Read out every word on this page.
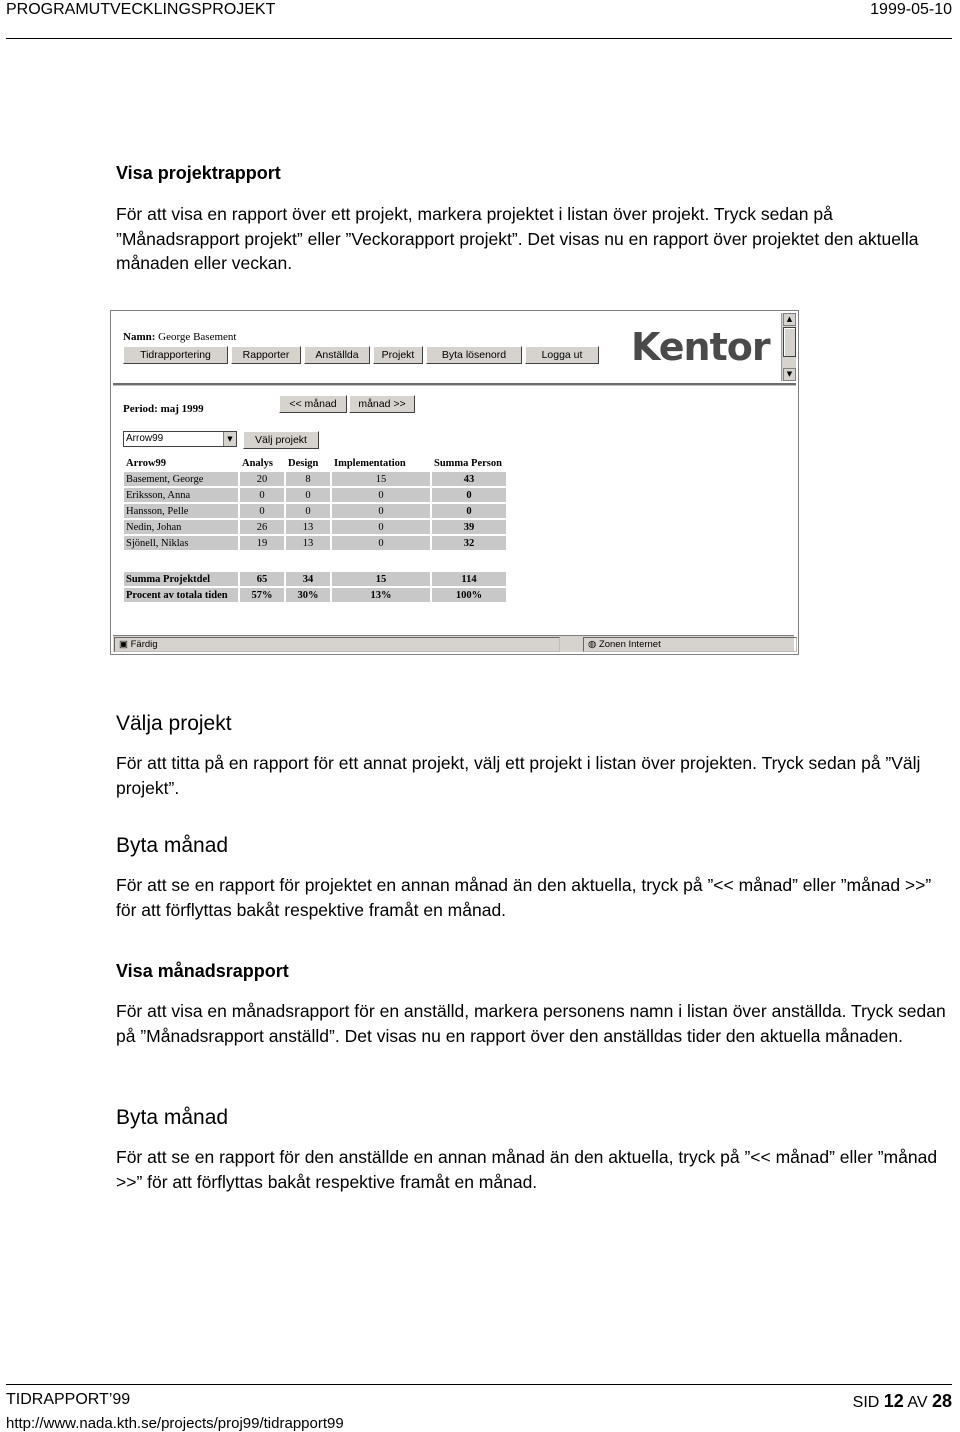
PROGRAMUTVECKLINGSPROJEKT	1999-05-10
Visa projektrapport
För att visa en rapport över ett projekt, markera projektet i listan över projekt. Tryck sedan på ”Månadsrapport projekt” eller ”Veckorapport projekt”. Det visas nu en rapport över projektet den aktuella månaden eller veckan.
Namn: George Basement
Tidrapportering	Rapporter	Anställda	Projekt	Byta lösenord	Logga ut	Kentor
▲
▼
<< månad	månad >>
Period: maj 1999
Arrow99	▼	Välj projekt
Arrow99	Analys	Design	Implementation	Summa Person
Basement, George	20	8	15	43
Eriksson, Anna	0	0	0	0
Hansson, Pelle	0	0	0	0
Nedin, Johan	26	13	0	39
Sjönell, Niklas	19	13	0	32

Summa Projektdel	65	34	15	114
Procent av totala tiden	57%	30%	13%	100%
▣ Färdig	◍ Zonen Internet
Välja projekt
För att titta på en rapport för ett annat projekt, välj ett projekt i listan över projekten. Tryck sedan på ”Välj projekt”.
Byta månad
För att se en rapport för projektet en annan månad än den aktuella, tryck på ”<< månad” eller ”månad >>” för att förflyttas bakåt respektive framåt en månad.
Visa månadsrapport
För att visa en månadsrapport för en anställd, markera personens namn i listan över anställda. Tryck sedan på ”Månadsrapport anställd”. Det visas nu en rapport över den anställdas tider den aktuella månaden.
Byta månad
För att se en rapport för den anställde en annan månad än den aktuella, tryck på ”<< månad” eller ”månad >>” för att förflyttas bakåt respektive framåt en månad.
TIDRAPPORT’99
http://www.nada.kth.se/projects/proj99/tidrapport99
SID 12 AV 28
